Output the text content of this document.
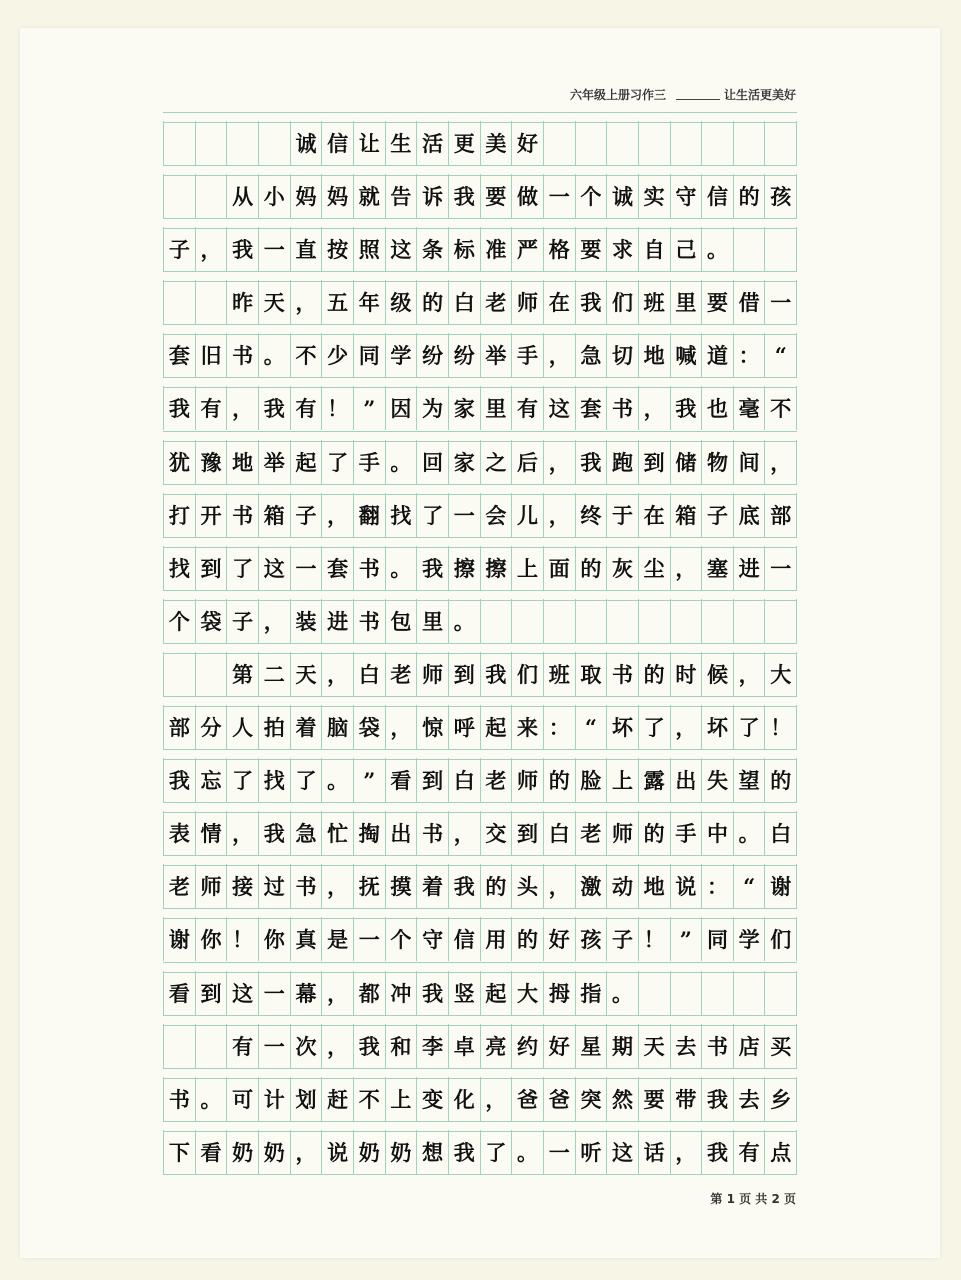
六年级上册习作三	让生活更美好
诚 信 让 生 活 更 美 好
从 小 妈 妈 就 告 诉 我 要 做 一 个 诚 实 守 信 的 孩
子 ， 我 一 直 按 照 这 条 标 准 严 格 要 求 自 己 。
昨 天 ， 五 年 级 的 白 老 师 在 我 们 班 里 要 借 一
套 旧 书 。 不 少 同 学 纷 纷 举 手 ， 急 切 地 喊 道 ： “
我 有 ， 我 有 ！ ” 因 为 家 里 有 这 套 书 ， 我 也 毫 不
犹 豫 地 举 起 了 手 。 回 家 之 后 ， 我 跑 到 储 物 间 ，
打 开 书 箱 子 ， 翻 找 了 一 会 儿 ， 终 于 在 箱 子 底 部
找 到 了 这 一 套 书 。 我 擦 擦 上 面 的 灰 尘 ， 塞 进 一
个 袋 子 ， 装 进 书 包 里 。
第 二 天 ， 白 老 师 到 我 们 班 取 书 的 时 候 ， 大
部 分 人 拍 着 脑 袋 ， 惊 呼 起 来 ： “ 坏 了 ， 坏 了 ！
我 忘 了 找 了 。 ” 看 到 白 老 师 的 脸 上 露 出 失 望 的
表 情 ， 我 急 忙 掏 出 书 ， 交 到 白 老 师 的 手 中 。 白
老 师 接 过 书 ， 抚 摸 着 我 的 头 ， 激 动 地 说 ： “ 谢
谢 你 ！ 你 真 是 一 个 守 信 用 的 好 孩 子 ！ ” 同 学 们
看 到 这 一 幕 ， 都 冲 我 竖 起 大 拇 指 。
有 一 次 ， 我 和 李 卓 亮 约 好 星 期 天 去 书 店 买
书 。 可 计 划 赶 不 上 变 化 ， 爸 爸 突 然 要 带 我 去 乡
下 看 奶 奶 ， 说 奶 奶 想 我 了 。 一 听 这 话 ， 我 有 点
第 1 页 共 2 页
